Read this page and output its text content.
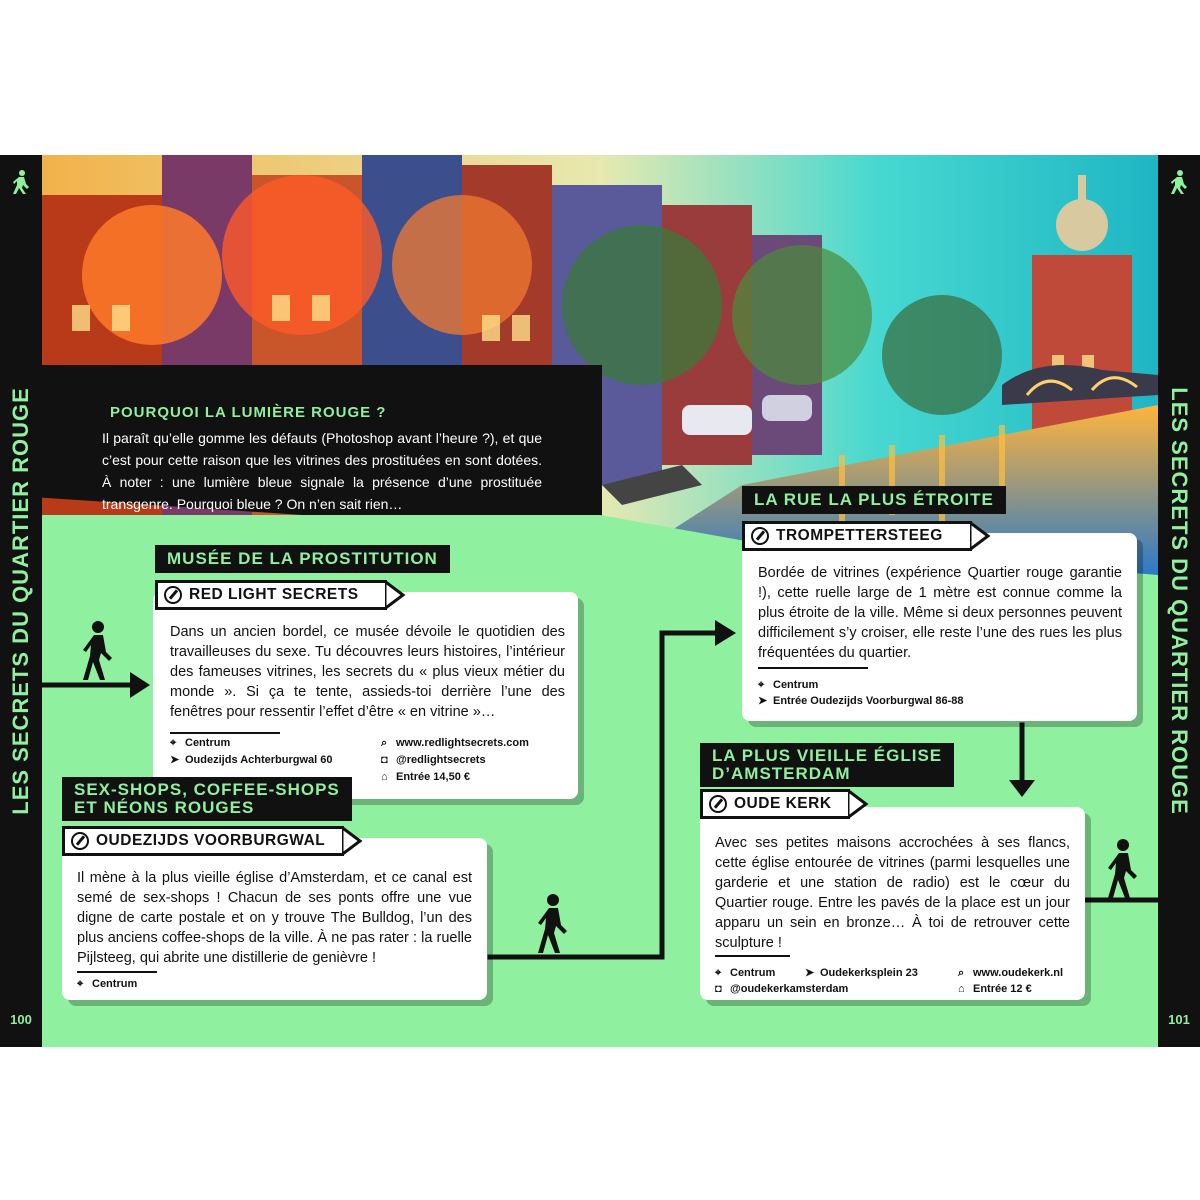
POURQUOI LA LUMIÈRE ROUGE ?
Il paraît qu’elle gomme les défauts (Photoshop avant l’heure ?), et que c’est pour cette raison que les vitrines des prostituées en sont dotées. À noter : une lumière bleue signale la présence d’une prostituée transgenre. Pourquoi bleue ? On n’en sait rien…
LES SECRETS DU QUARTIER ROUGE
100
LES SECRETS DU QUARTIER ROUGE
101

Dans un ancien bordel, ce musée dévoile le quotidien des travailleuses du sexe. Tu découvres leurs histoires, l’intérieur des fameuses vitrines, les secrets du « plus vieux métier du monde ». Si ça te tente, assieds-toi derrière l’une des fenêtres pour ressentir l’effet d’être « en vitrine »…

⌖ Centrum
➤ Oudezijds Achterburgwal 60
⌕ www.redlightsecrets.com
◘ @redlightsecrets
⌂ Entrée 14,50 €
MUSÉE DE LA PROSTITUTION
RED LIGHT SECRETS

Il mène à la plus vieille église d’Amsterdam, et ce canal est semé de sex-shops ! Chacun de ses ponts offre une vue digne de carte postale et on y trouve The Bulldog, l’un des plus anciens coffee-shops de la ville. À ne pas rater : la ruelle Pijlsteeg, qui abrite une distillerie de genièvre !

⌖ Centrum
SEX-SHOPS, COFFEE-SHOPS
ET NÉONS ROUGES
OUDEZIJDS VOORBURGWAL

Bordée de vitrines (expérience Quartier rouge garantie !), cette ruelle large de 1 mètre est connue comme la plus étroite de la ville. Même si deux personnes peuvent difficilement s’y croiser, elle reste l’une des rues les plus fréquentées du quartier.

⌖ Centrum
➤ Entrée Oudezijds Voorburgwal 86-88
LA RUE LA PLUS ÉTROITE
TROMPETTERSTEEG

Avec ses petites maisons accrochées à ses flancs, cette église entourée de vitrines (parmi lesquelles une garderie et une station de radio) est le cœur du Quartier rouge. Entre les pavés de la place est un jour apparu un sein en bronze… À toi de retrouver cette sculpture !

⌖ Centrum	➤ Oudekerksplein 23
◘ @oudekerkamsterdam
⌕ www.oudekerk.nl
⌂ Entrée 12 €
LA PLUS VIEILLE ÉGLISE
D’AMSTERDAM
OUDE KERK
